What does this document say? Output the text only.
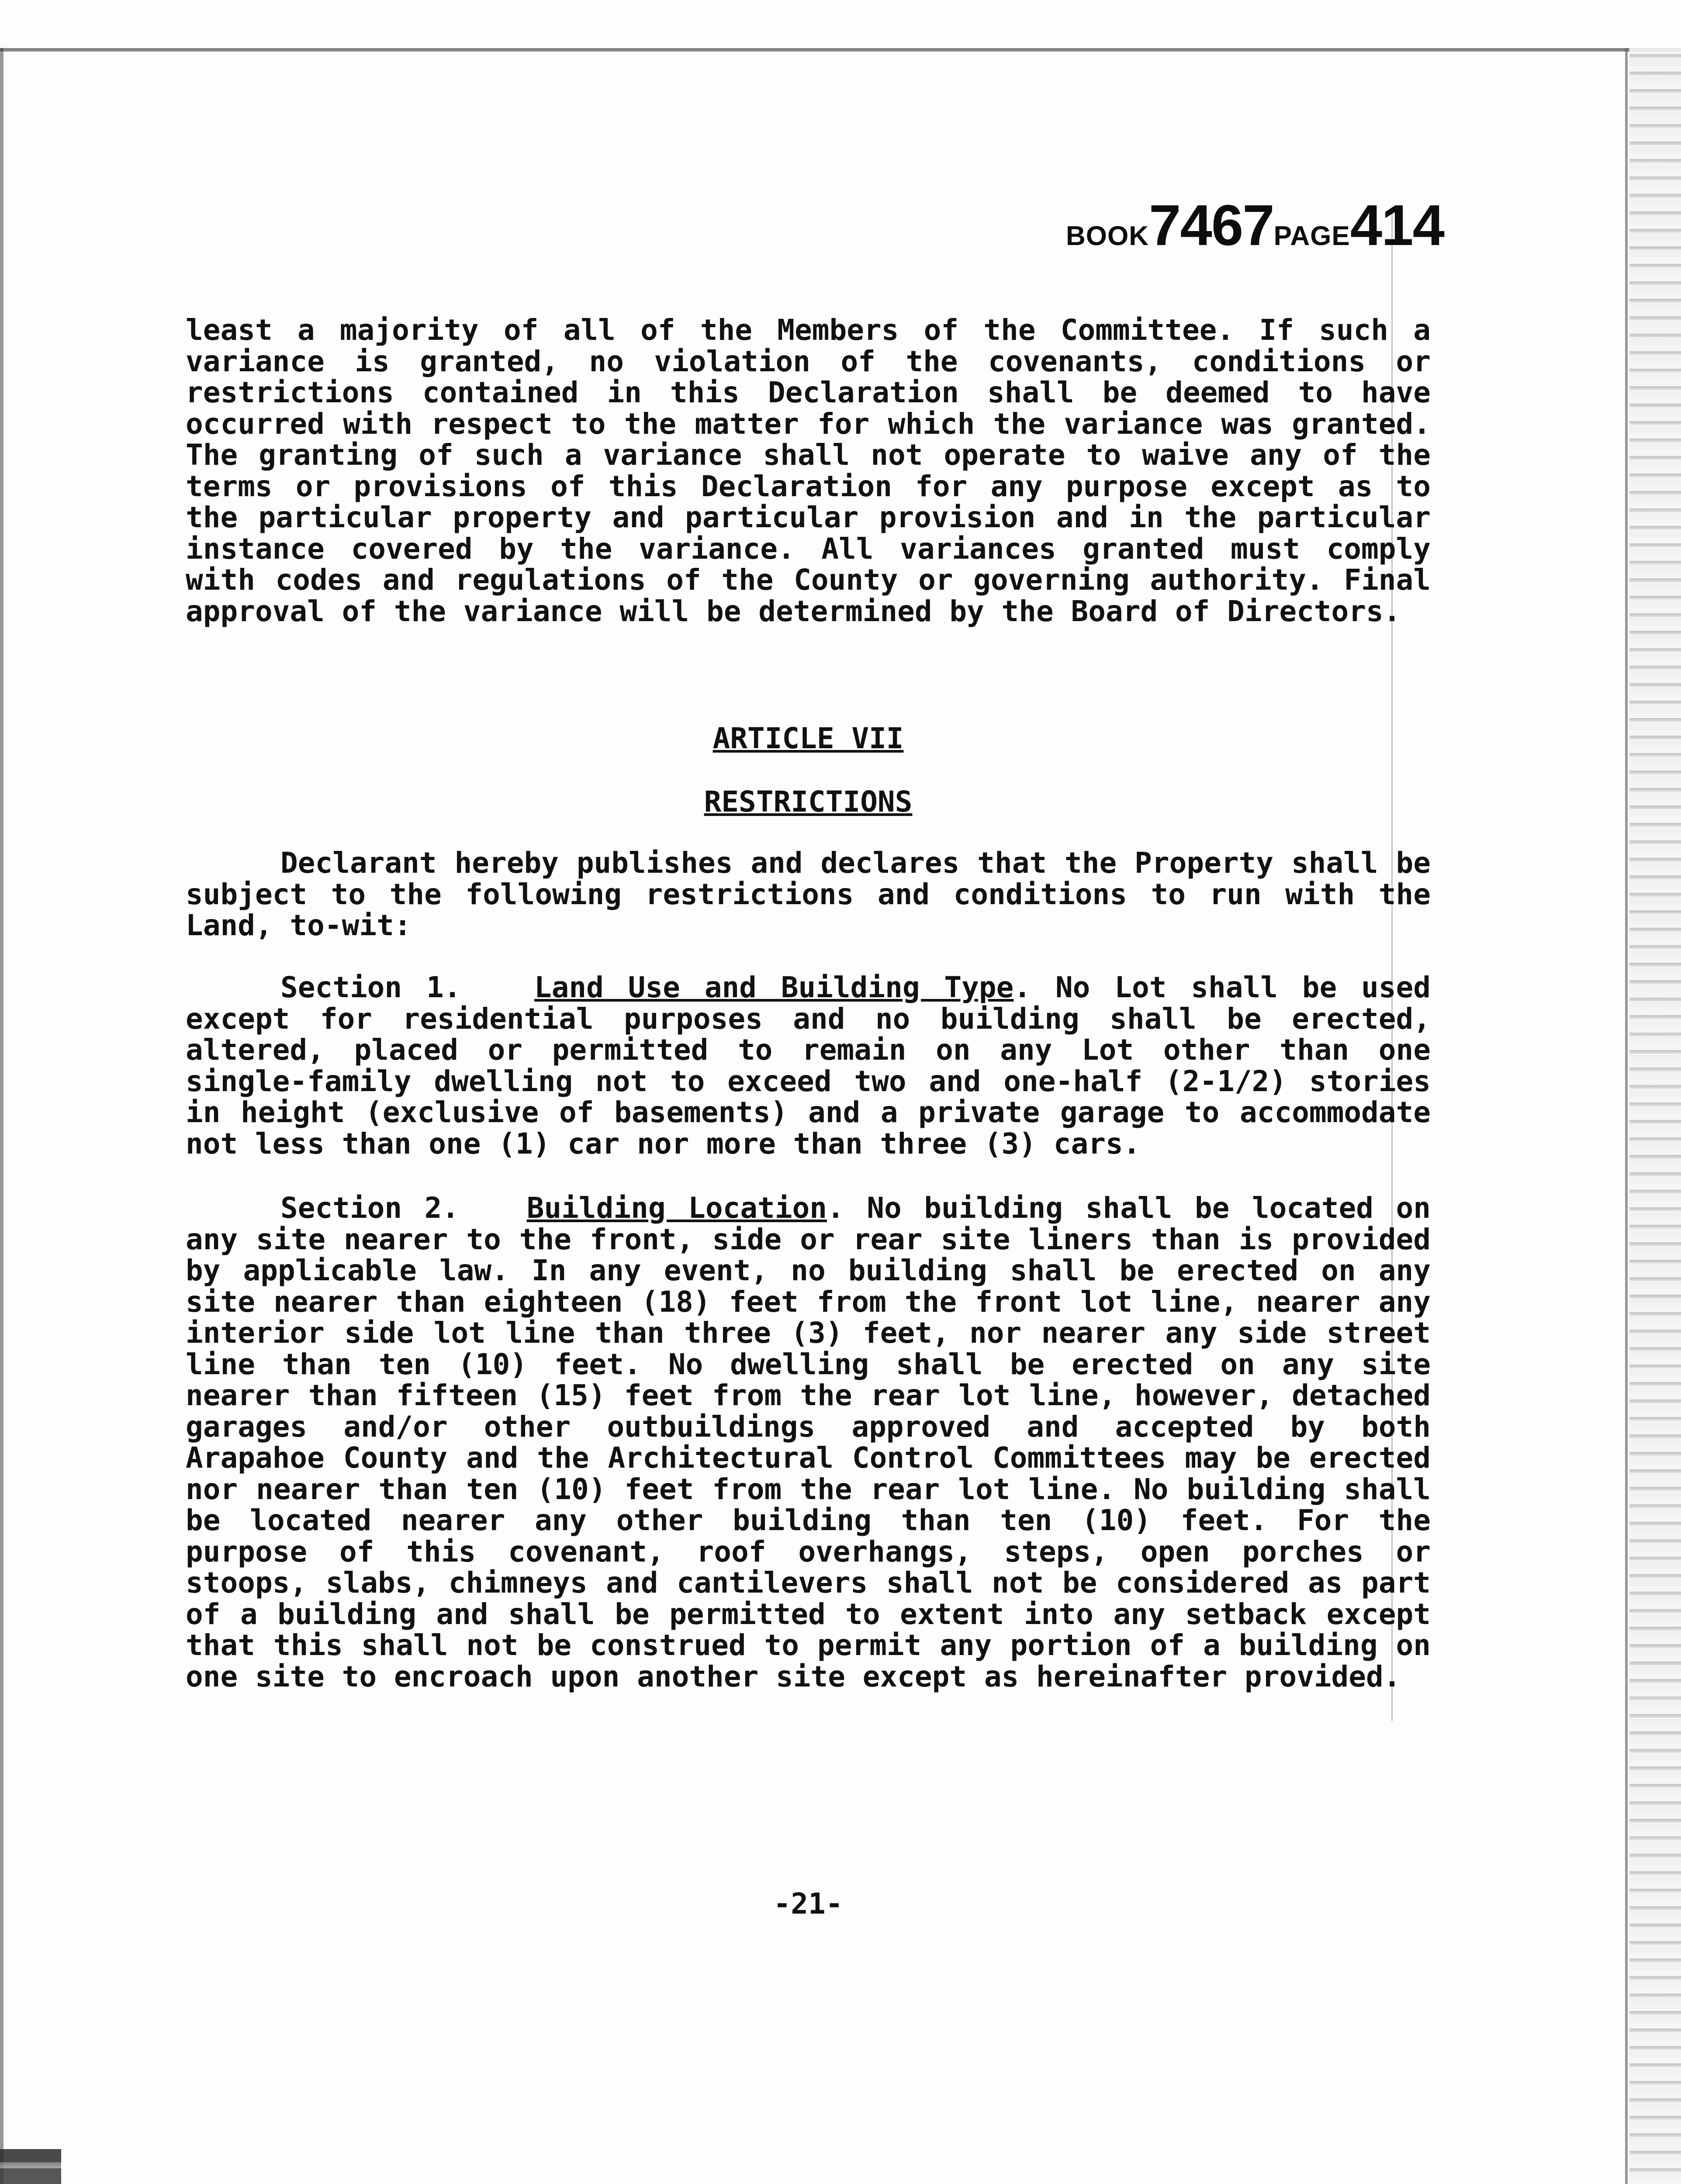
BOOK7467PAGE414

least a majority of all of the Members of the Committee. If such a variance is granted, no violation of the covenants, conditions or restrictions contained in this Declaration shall be deemed to have occurred with respect to the matter for which the variance was granted. The granting of such a variance shall not operate to waive any of the terms or provisions of this Declaration for any purpose except as to the particular property and particular provision and in the particular instance covered by the variance. All variances granted must comply with codes and regulations of the County or governing authority. Final approval of the variance will be determined by the Board of Directors.

ARTICLE VII

RESTRICTIONS

Declarant hereby publishes and declares that the Property shall be subject to the following restrictions and conditions to run with the Land, to-wit:

Section 1.	Land Use and Building Type. No Lot shall be used except for residential purposes and no building shall be erected, altered, placed or permitted to remain on any Lot other than one single-family dwelling not to exceed two and one-half (2-1/2) stories in height (exclusive of basements) and a private garage to accommodate not less than one (1) car nor more than three (3) cars.

Section 2. Building Location. No building shall be located on any site nearer to the front, side or rear site liners than is provided by applicable law. In any event, no building shall be erected on any site nearer than eighteen (18) feet from the front lot line, nearer any interior side lot line than three (3) feet, nor nearer any side street line than ten (10) feet. No dwelling shall be erected on any site nearer than fifteen (15) feet from the rear lot line, however, detached garages and/or other outbuildings approved and accepted by both Arapahoe County and the Architectural Control Committees may be erected nor nearer than ten (10) feet from the rear lot line. No building shall be located nearer any other building than ten (10) feet. For the purpose of this covenant, roof overhangs, steps, open porches or stoops, slabs, chimneys and cantilevers shall not be considered as part of a building and shall be permitted to extent into any setback except that this shall not be construed to permit any portion of a building on one site to encroach upon another site except as hereinafter provided.

-21-
